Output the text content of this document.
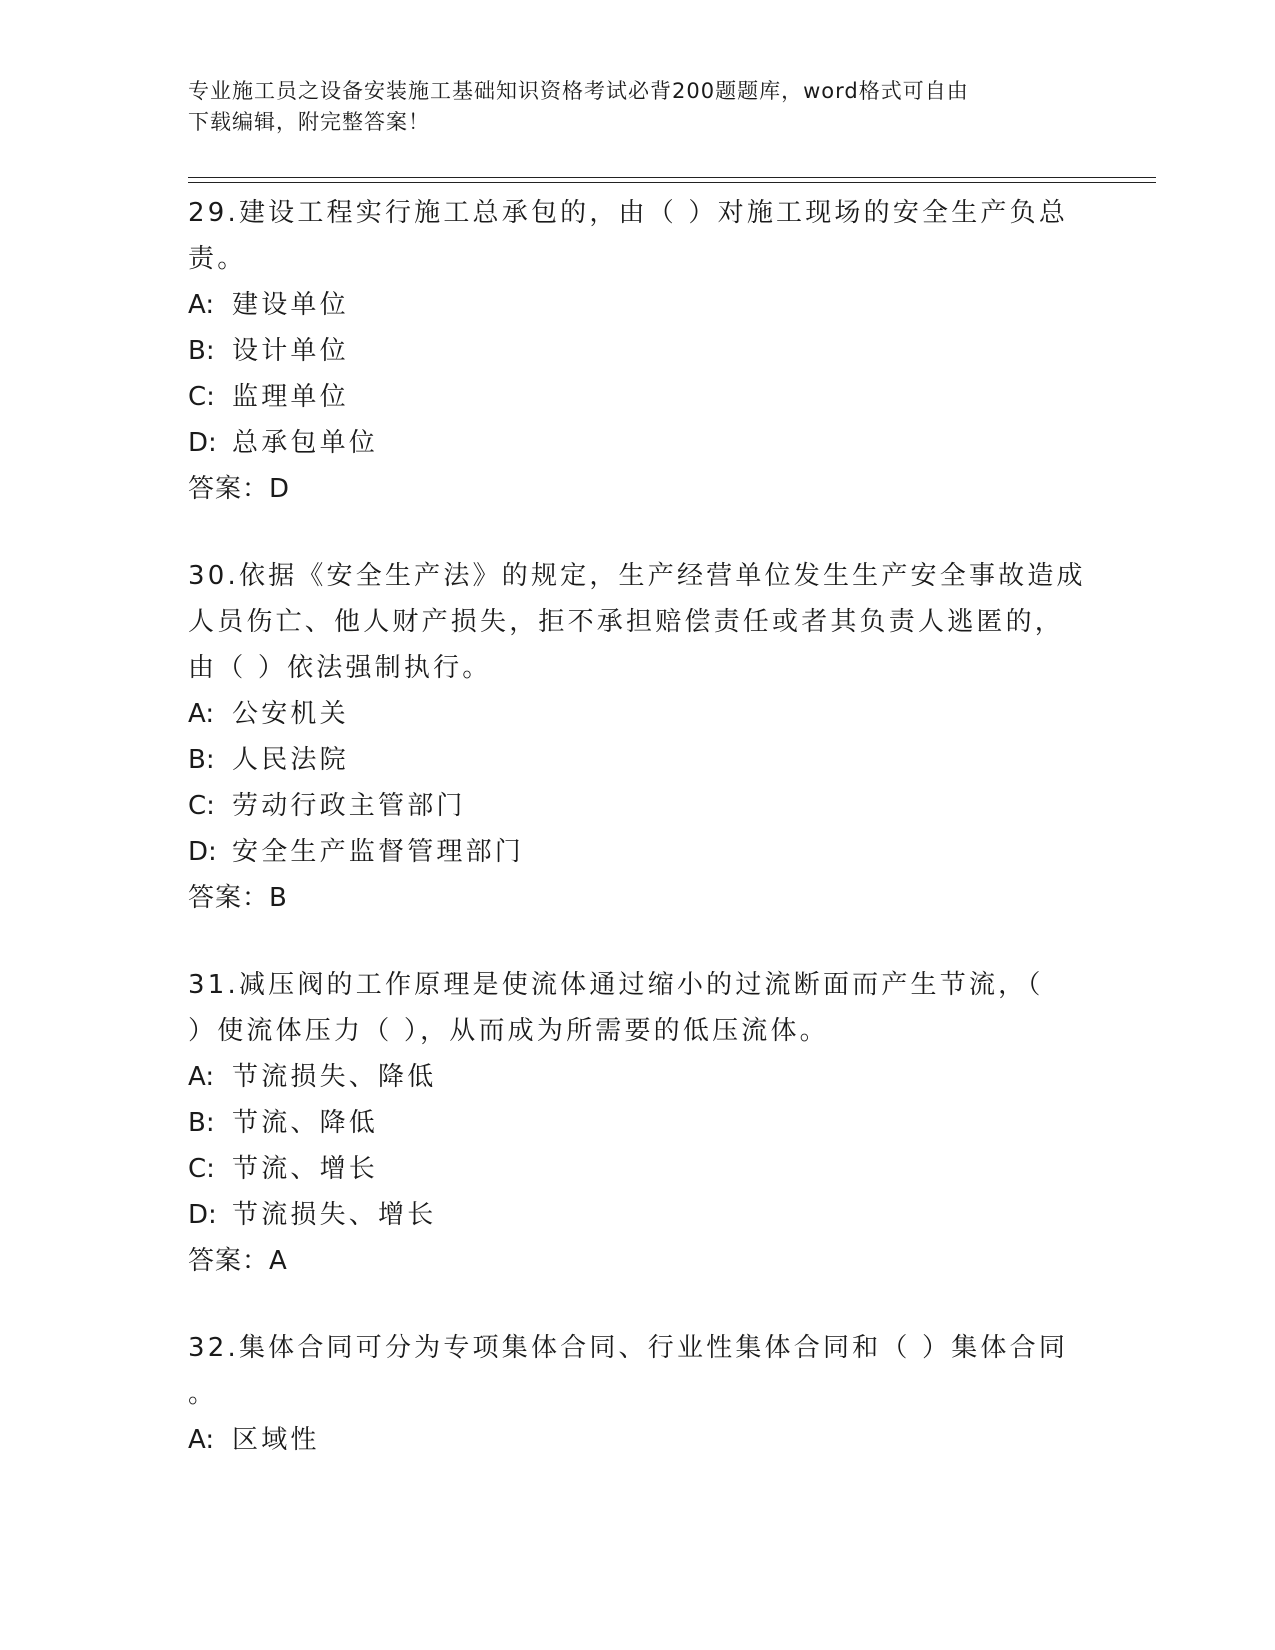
专业施工员之设备安装施工基础知识资格考试必背200题题库，word格式可自由
下载编辑，附完整答案！

29.建设工程实行施工总承包的，由（ ）对施工现场的安全生产负总

责。

A: 建设单位

B: 设计单位

C: 监理单位

D: 总承包单位

答案：D

30.依据《安全生产法》的规定，生产经营单位发生生产安全事故造成

人员伤亡、他人财产损失，拒不承担赔偿责任或者其负责人逃匿的，

由（ ）依法强制执行。

A: 公安机关

B: 人民法院

C: 劳动行政主管部门

D: 安全生产监督管理部门

答案：B

31.减压阀的工作原理是使流体通过缩小的过流断面而产生节流，（

）使流体压力（ ），从而成为所需要的低压流体。

A: 节流损失、降低

B: 节流、降低

C: 节流、增长

D: 节流损失、增长

答案：A

32.集体合同可分为专项集体合同、行业性集体合同和（ ）集体合同

。

A: 区域性
